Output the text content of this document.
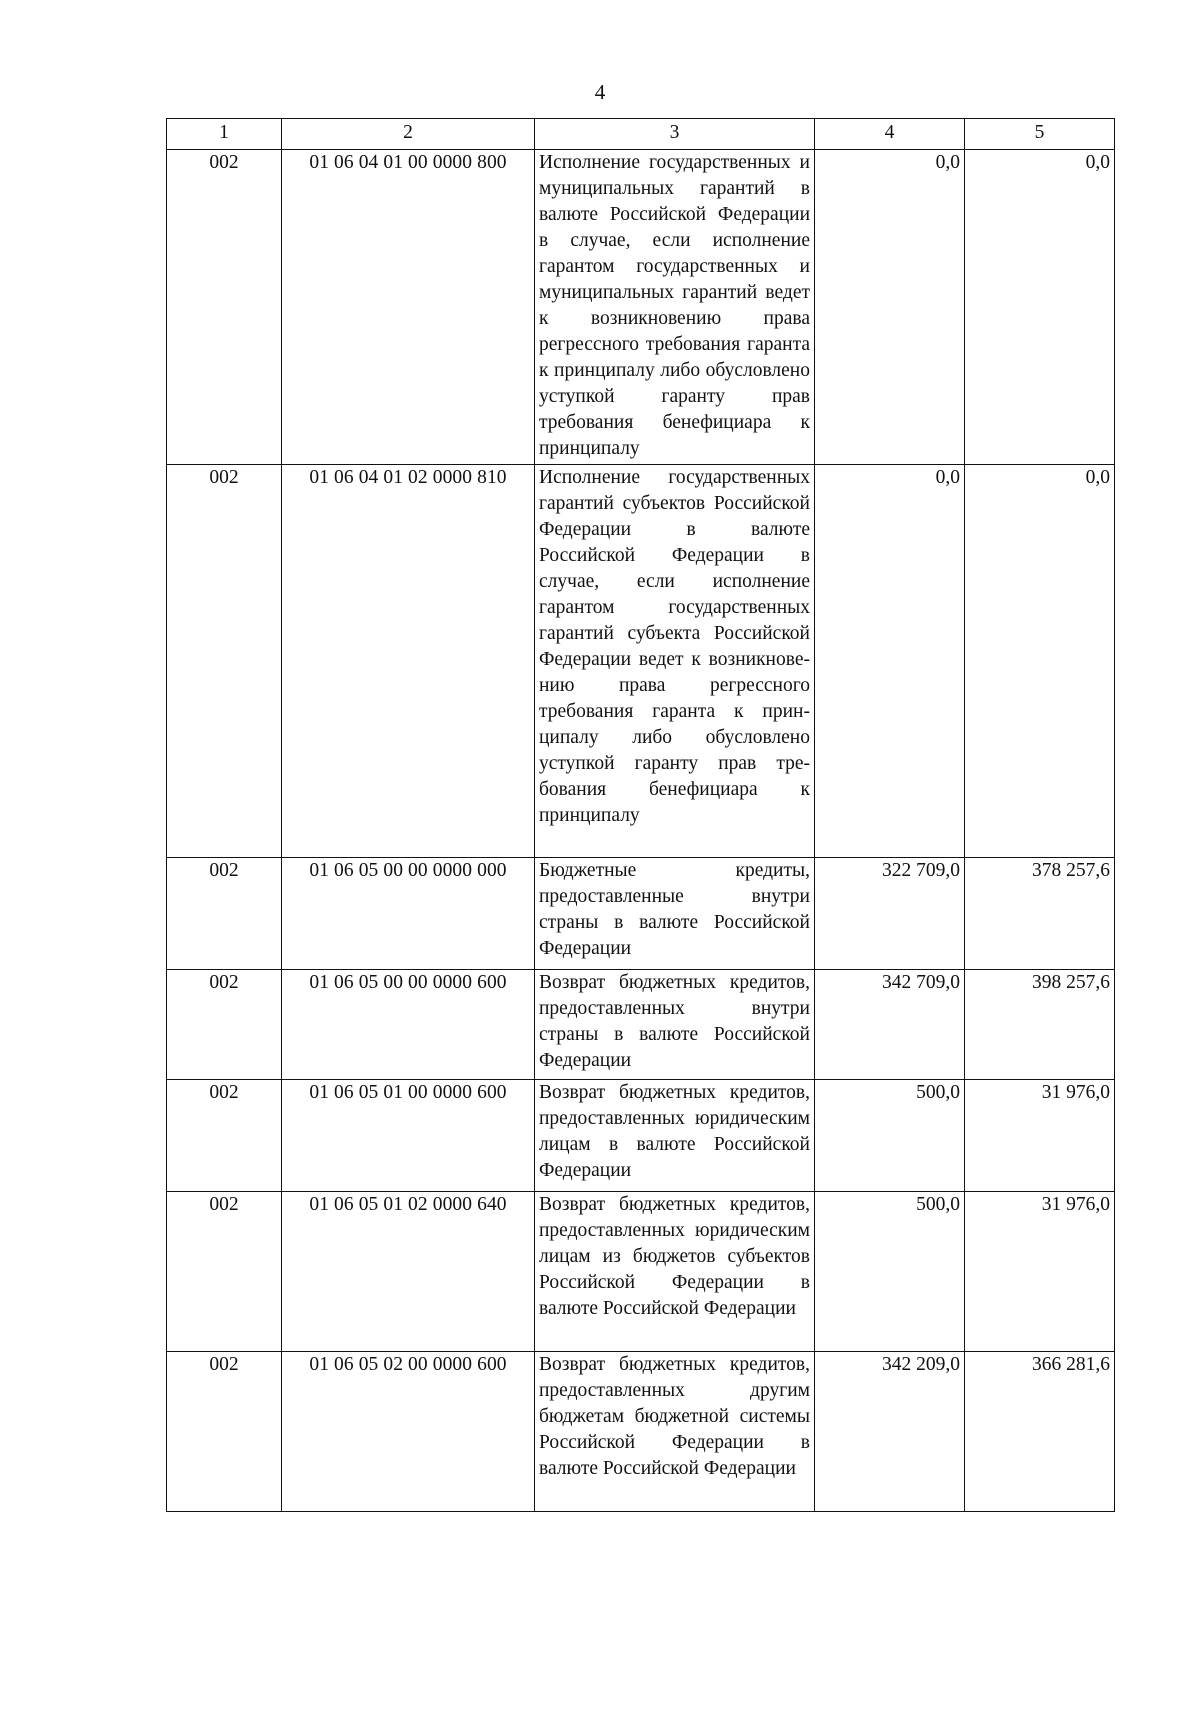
4
1	2	3	4	5
002	01 06 04 01 00 0000 800	Исполнение государственных и муниципальных гарантий в валюте Российской Федерации в случае, если исполнение гарантом государственных и муниципальных гарантий ведет к возникновению права регрессного требования гаранта к принципалу либо обусловлено уступкой гаранту прав требования бенефициара к принципалу	0,0	0,0
002	01 06 04 01 02 0000 810	Исполнение государственных гарантий субъектов Российской Федерации в валюте Российской Федерации в случае, если исполнение гарантом государственных гарантий субъекта Российской Федерации ведет к возникновению права регрессного требования гаранта к принципалу либо обусловлено уступкой гаранту прав требования бенефициара к принципалу	0,0	0,0
002	01 06 05 00 00 0000 000	Бюджетные кредиты, предоставленные внутри страны в валюте Российской Федерации	322 709,0	378 257,6
002	01 06 05 00 00 0000 600	Возврат бюджетных кредитов, предоставленных внутри страны в валюте Российской Федерации	342 709,0	398 257,6
002	01 06 05 01 00 0000 600	Возврат бюджетных кредитов, предоставленных юридическим лицам в валюте Российской Федерации	500,0	31 976,0
002	01 06 05 01 02 0000 640	Возврат бюджетных кредитов, предоставленных юридическим лицам из бюджетов субъектов Российской Федерации в валюте Российской Федерации	500,0	31 976,0
002	01 06 05 02 00 0000 600	Возврат бюджетных кредитов, предоставленных другим бюджетам бюджетной системы Российской Федерации в валюте Российской Федерации	342 209,0	366 281,6
